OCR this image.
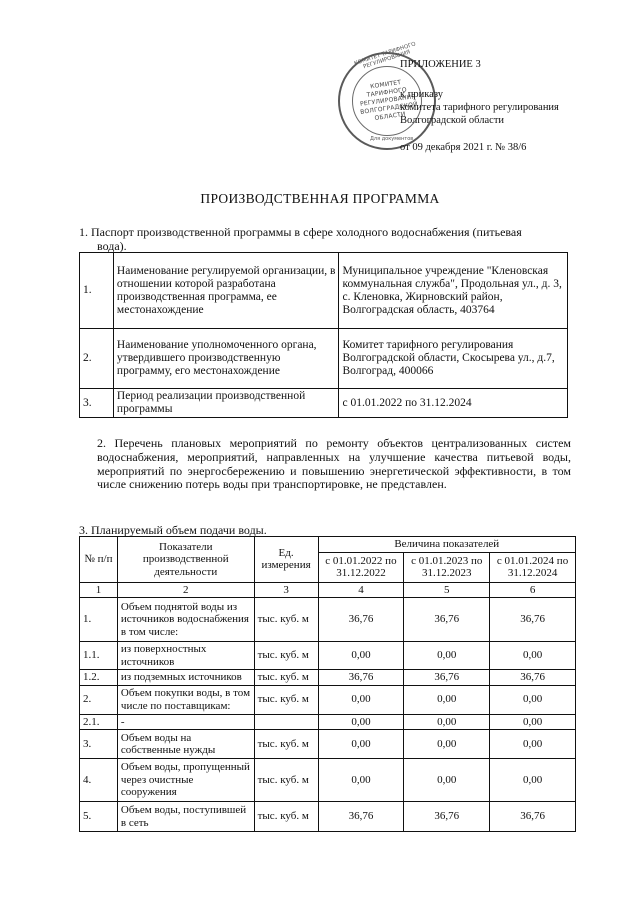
КОМИТЕТ ТАРИФНОГО РЕГУЛИРОВАНИЯ
КОМИТЕТ ТАРИФНОГО РЕГУЛИРОВАНИЯ ВОЛГОГРАДСКОЙ ОБЛАСТИ
Для документов
ПРИЛОЖЕНИЕ 3
к приказу
комитета тарифного регулирования
Волгоградской области
от 09 декабря 2021 г. № 38/6
ПРОИЗВОДСТВЕННАЯ ПРОГРАММА
1. Паспорт производственной программы в сфере холодного водоснабжения (питьевая
вода).
1.	Наименование регулируемой организации, в отношении которой разработана производственная программа, ее местонахождение	Муниципальное учреждение "Кленовская коммунальная служба", Продольная ул., д. 3, с. Кленовка, Жирновский район, Волгоградская область, 403764
2.	Наименование уполномоченного органа, утвердившего производственную программу, его местонахождение	Комитет тарифного регулирования Волгоградской области, Скосырева ул., д.7, Волгоград, 400066
3.	Период реализации производственной программы	с 01.01.2022 по 31.12.2024
2. Перечень плановых мероприятий по ремонту объектов централизованных систем водоснабжения, мероприятий, направленных на улучшение качества питьевой воды, мероприятий по энергосбережению и повышению энергетической эффективности, в том числе снижению потерь воды при транспортировке, не представлен.
3. Планируемый объем подачи воды.
№ п/п	Показатели производственной деятельности	Ед. измерения	Величина показателей		
			с 01.01.2022 по 31.12.2022	с 01.01.2023 по 31.12.2023	с 01.01.2024 по 31.12.2024
1	2	3	4	5	6
1.	Объем поднятой воды из источников водоснабжения в том числе:	тыс. куб. м	36,76	36,76	36,76
1.1.	из поверхностных источников	тыс. куб. м	0,00	0,00	0,00
1.2.	из подземных источников	тыс. куб. м	36,76	36,76	36,76
2.	Объем покупки воды, в том числе по поставщикам:	тыс. куб. м	0,00	0,00	0,00
2.1.	-		0,00	0,00	0,00
3.	Объем воды на собственные нужды	тыс. куб. м	0,00	0,00	0,00
4.	Объем воды, пропущенный через очистные сооружения	тыс. куб. м	0,00	0,00	0,00
5.	Объем воды, поступившей в сеть	тыс. куб. м	36,76	36,76	36,76
